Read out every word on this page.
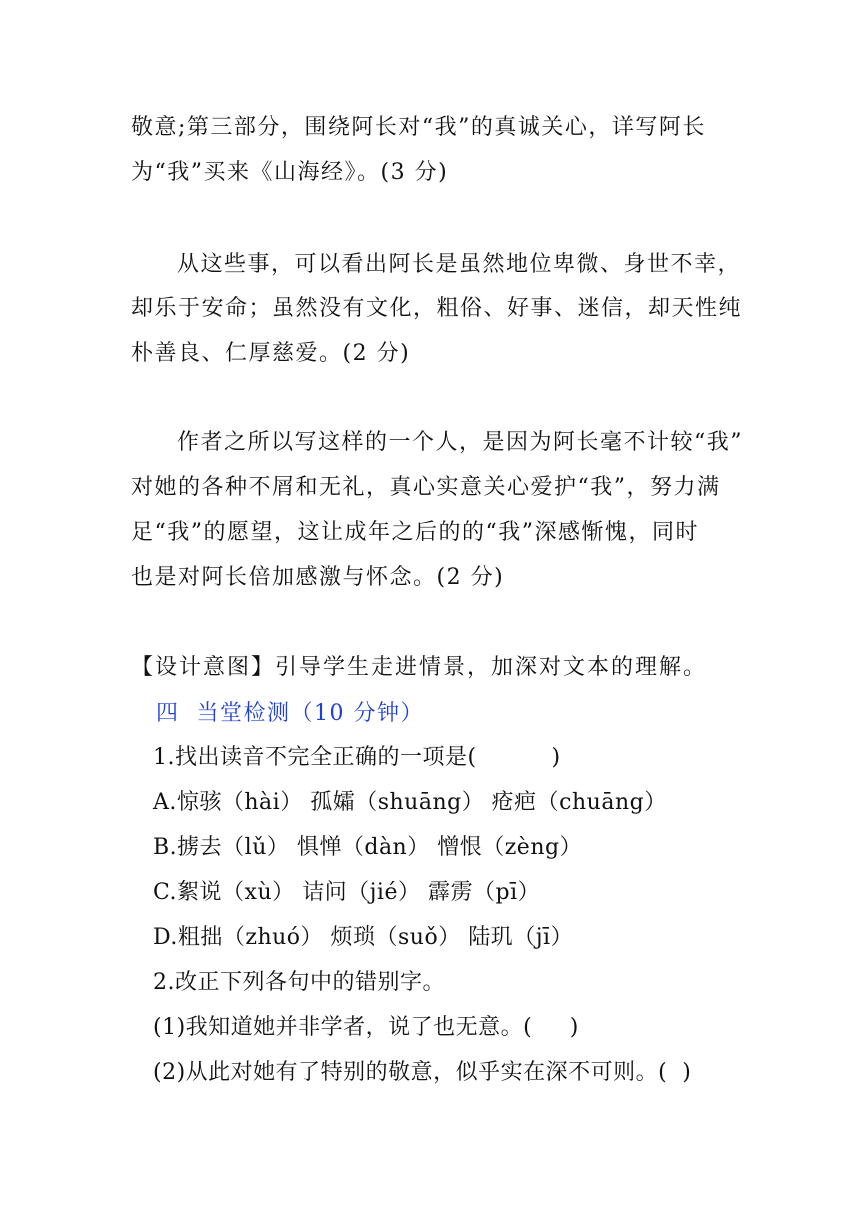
敬意;第三部分，围绕阿长对“我”的真诚关心，详写阿长
为“我”买来《山海经》。(3 分)
从这些事，可以看出阿长是虽然地位卑微、身世不幸，
却乐于安命；虽然没有文化，粗俗、好事、迷信，却天性纯
朴善良、仁厚慈爱。(2 分)
作者之所以写这样的一个人，是因为阿长毫不计较“我”
对她的各种不屑和无礼，真心实意关心爱护“我”，努力满
足“我”的愿望，这让成年之后的的“我”深感惭愧，同时
也是对阿长倍加感激与怀念。(2 分)
【设计意图】引导学生走进情景，加深对文本的理解。
四  当堂检测（10 分钟）
1.找出读音不完全正确的一项是(          )
A.惊骇（hài） 孤孀（shuāng） 疮疤（chuāng）
B.掳去（lǔ） 惧惮（dàn） 憎恨（zèng）
C.絮说（xù） 诘问（jié） 霹雳（pī）
D.粗拙（zhuó） 烦琐（suǒ） 陆玑（jī）
2.改正下列各句中的错别字。
(1)我知道她并非学者，说了也无意。(     )
(2)从此对她有了特别的敬意，似乎实在深不可则。(  )
